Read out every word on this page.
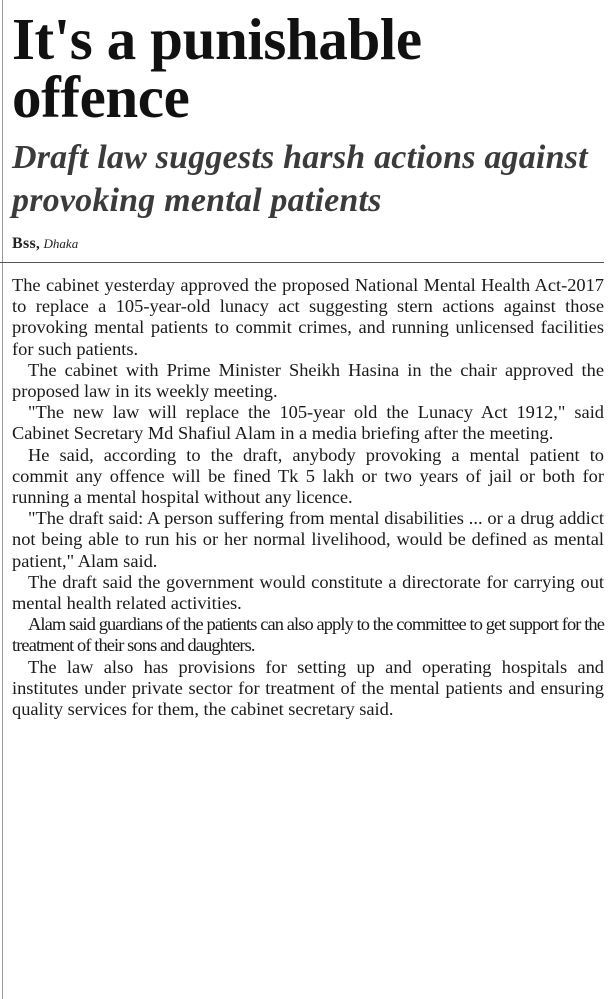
It's a punishable offence
Draft law suggests harsh actions against provoking mental patients
Bss, Dhaka

The cabinet yesterday approved the proposed National Mental Health Act-2017 to replace a 105-year-old lunacy act suggesting stern actions against those provoking mental patients to commit crimes, and running unlicensed facilities for such patients.

The cabinet with Prime Minister Sheikh Hasina in the chair approved the proposed law in its weekly meeting.

"The new law will replace the 105-year old the Lunacy Act 1912," said Cabinet Secretary Md Shafiul Alam in a media briefing after the meeting.

He said, according to the draft, anybody provoking a mental patient to commit any offence will be fined Tk 5 lakh or two years of jail or both for running a mental hospital without any licence.

"The draft said: A person suffering from mental disabilities ... or a drug addict not being able to run his or her normal livelihood, would be defined as mental patient," Alam said.

The draft said the government would constitute a directorate for carrying out mental health related activities.

Alam said guardians of the patients can also apply to the committee to get support for the treatment of their sons and daughters.

The law also has provisions for setting up and operating hospitals and institutes under private sector for treatment of the mental patients and ensuring quality services for them, the cabinet secretary said.
